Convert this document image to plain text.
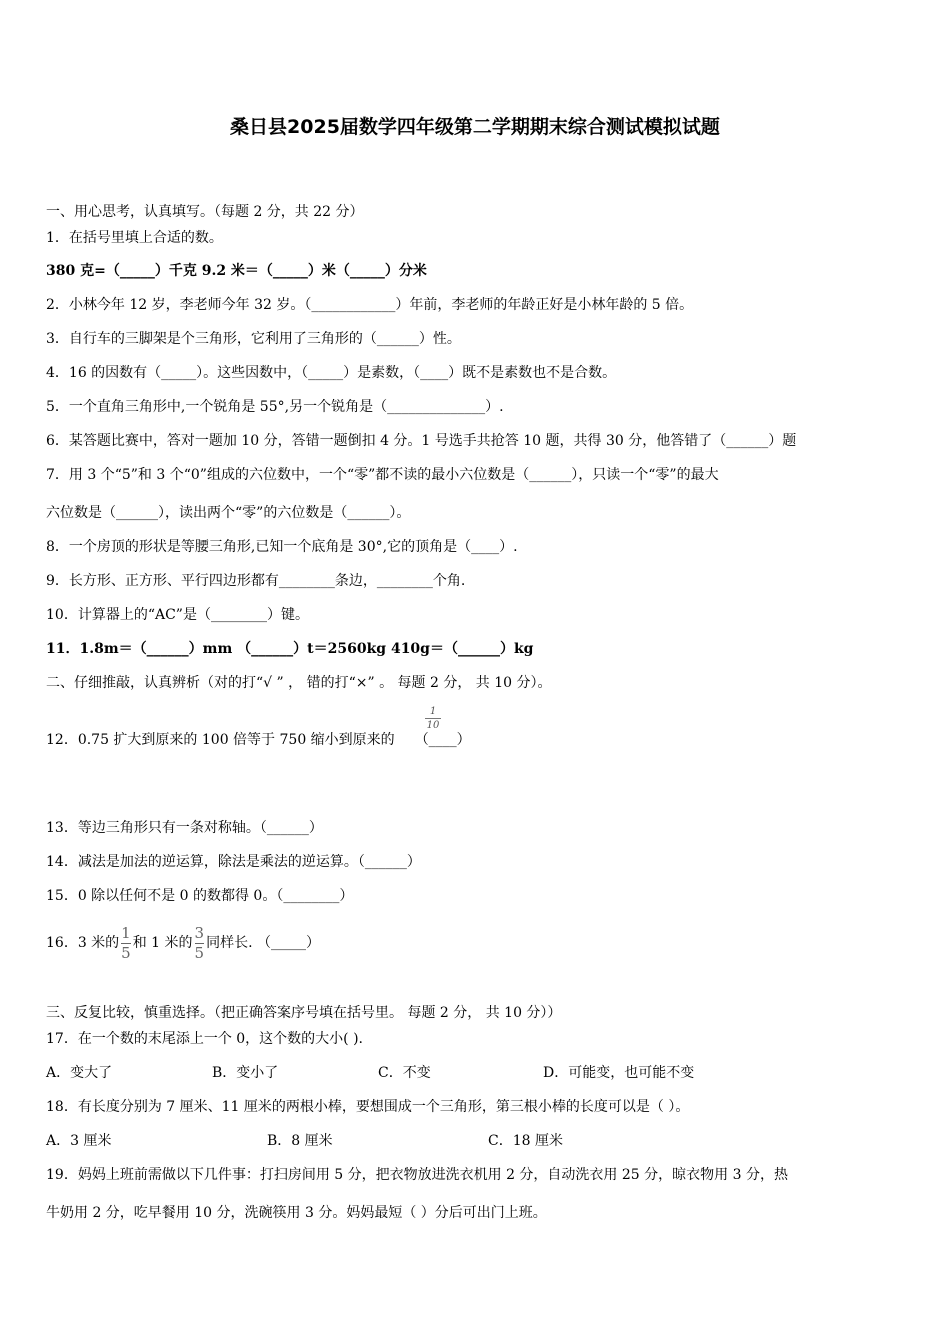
桑日县2025届数学四年级第二学期期末综合测试模拟试题
一、用心思考，认真填写。（每题 2 分，共 22 分）
1．在括号里填上合适的数。
380 克=（_____）千克 9.2 米＝（_____）米（_____）分米
2．小林今年 12 岁，李老师今年 32 岁。（____________）年前，李老师的年龄正好是小林年龄的 5 倍。
3．自行车的三脚架是个三角形，它利用了三角形的（______）性。
4．16 的因数有（_____）。这些因数中，（_____）是素数，（____）既不是素数也不是合数。
5．一个直角三角形中,一个锐角是 55°,另一个锐角是（______________）.
6．某答题比赛中，答对一题加 10 分，答错一题倒扣 4 分。1 号选手共抢答 10 题，共得 30 分，他答错了（______）题
7．用 3 个“5”和 3 个“0”组成的六位数中，一个“零”都不读的最小六位数是（______），只读一个“零”的最大
六位数是（______），读出两个“零”的六位数是（______）。
8．一个房顶的形状是等腰三角形,已知一个底角是 30°,它的顶角是（____）.
9．长方形、正方形、平行四边形都有________条边，________个角.
10．计算器上的“AC”是（________）键。
11．1.8m＝（______）mm （______）t＝2560kg 410g＝（______）kg
二、仔细推敲，认真辨析（对的打“√ ” ， 错的打“×” 。 每题 2 分， 共 10 分）。
12．0.75 扩大到原来的 100 倍等于 750 缩小到原来的 （____）
1
10
13．等边三角形只有一条对称轴。（______）
14．减法是加法的逆运算，除法是乘法的逆运算。（______）
15．0 除以任何不是 0 的数都得 0。（________）
16．3 米的 $\frac{1}{5}$ 和 1 米的 $\frac{3}{5}$ 同样长. （_____）
三、反复比较，慎重选择。（把正确答案序号填在括号里。 每题 2 分， 共 10 分））
17．在一个数的末尾添上一个 0，这个数的大小( ).
A．变大了	B．变小了	C．不变	D．可能变，也可能不变
18．有长度分别为 7 厘米、11 厘米的两根小棒，要想围成一个三角形，第三根小棒的长度可以是（ ）。
A．3 厘米	B．8 厘米	C．18 厘米
19．妈妈上班前需做以下几件事：打扫房间用 5 分，把衣物放进洗衣机用 2 分，自动洗衣用 25 分，晾衣物用 3 分，热
牛奶用 2 分，吃早餐用 10 分，洗碗筷用 3 分。妈妈最短（ ）分后可出门上班。
